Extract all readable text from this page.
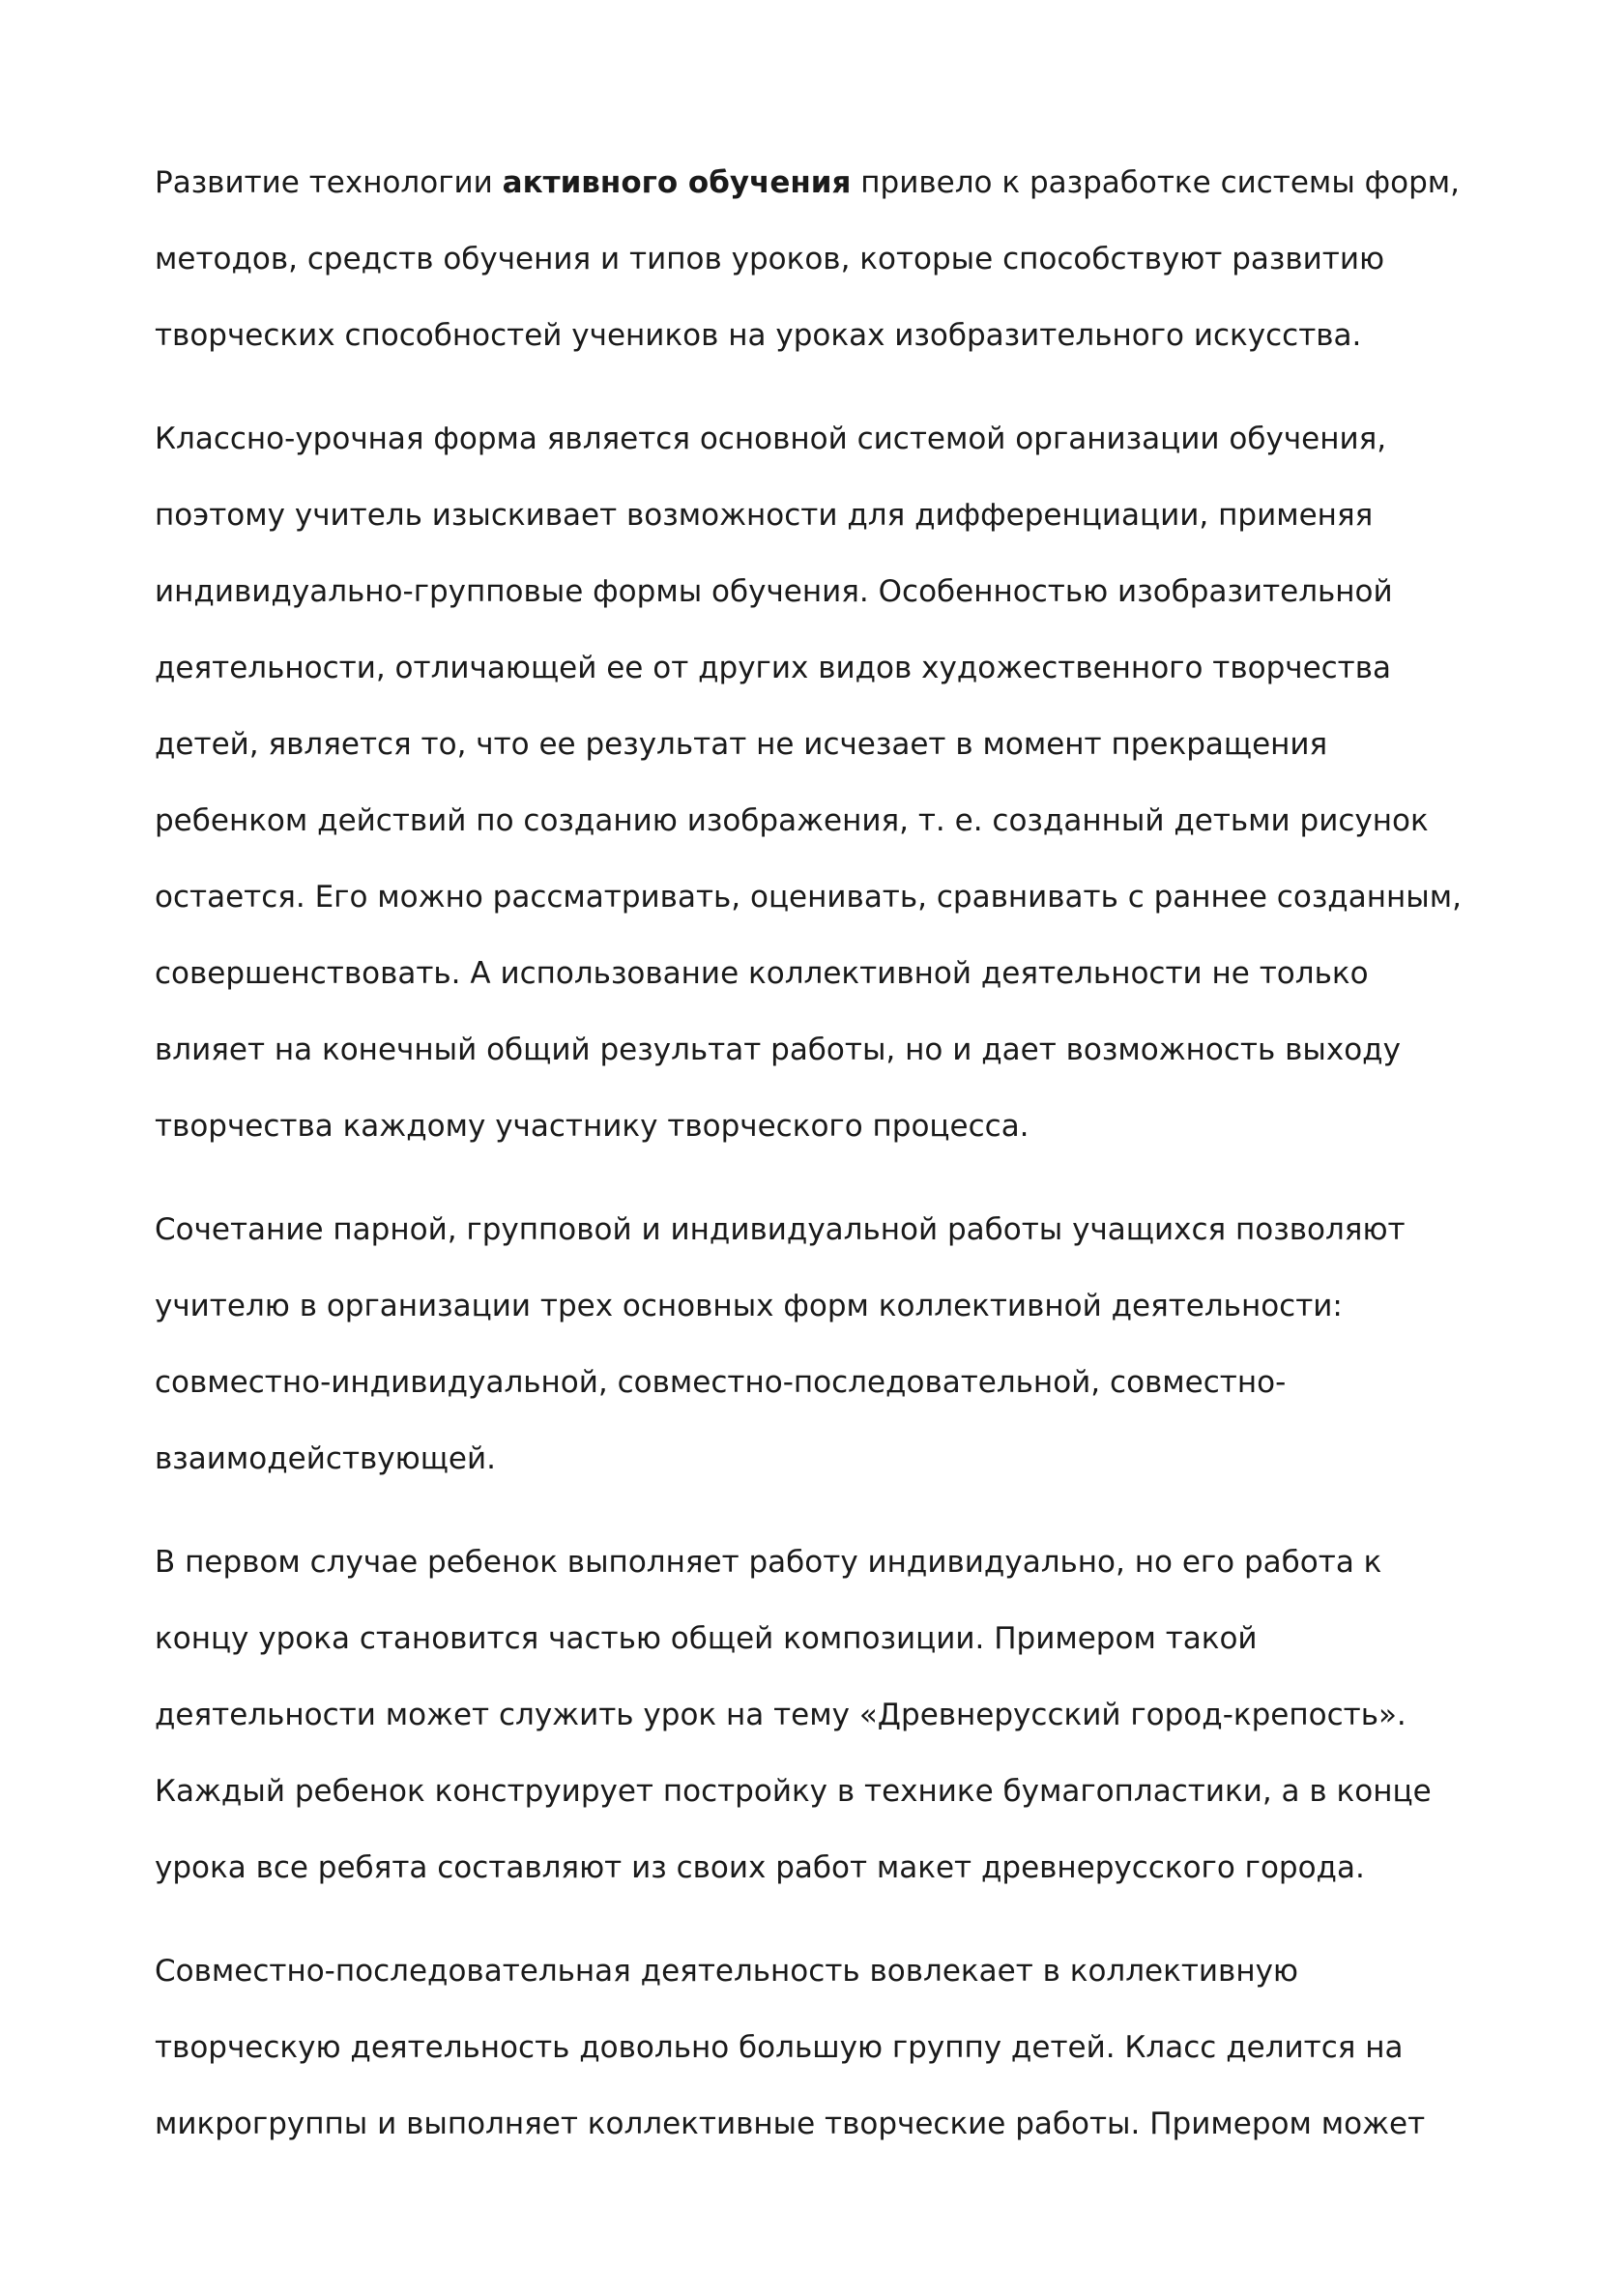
Развитие технологии активного обучения привело к разработке системы форм,
методов, средств обучения и типов уроков, которые способствуют развитию
творческих способностей учеников на уроках изобразительного искусства.

Классно-урочная форма является основной системой организации обучения,
поэтому учитель изыскивает возможности для дифференциации, применяя
индивидуально-групповые формы обучения. Особенностью изобразительной
деятельности, отличающей ее от других видов художественного творчества
детей, является то, что ее результат не исчезает в момент прекращения
ребенком действий по созданию изображения, т. е. созданный детьми рисунок
остается. Его можно рассматривать, оценивать, сравнивать с раннее созданным,
совершенствовать. А использование коллективной деятельности не только
влияет на конечный общий результат работы, но и дает возможность выходу
творчества каждому участнику творческого процесса.

Сочетание парной, групповой и индивидуальной работы учащихся позволяют
учителю в организации трех основных форм коллективной деятельности:
совместно-индивидуальной, совместно-последовательной, совместно-
взаимодействующей.

В первом случае ребенок выполняет работу индивидуально, но его работа к
концу урока становится частью общей композиции. Примером такой
деятельности может служить урок на тему «Древнерусский город-крепость».
Каждый ребенок конструирует постройку в технике бумагопластики, а в конце
урока все ребята составляют из своих работ макет древнерусского города.

Совместно-последовательная деятельность вовлекает в коллективную
творческую деятельность довольно большую группу детей. Класс делится на
микрогруппы и выполняет коллективные творческие работы. Примером может
